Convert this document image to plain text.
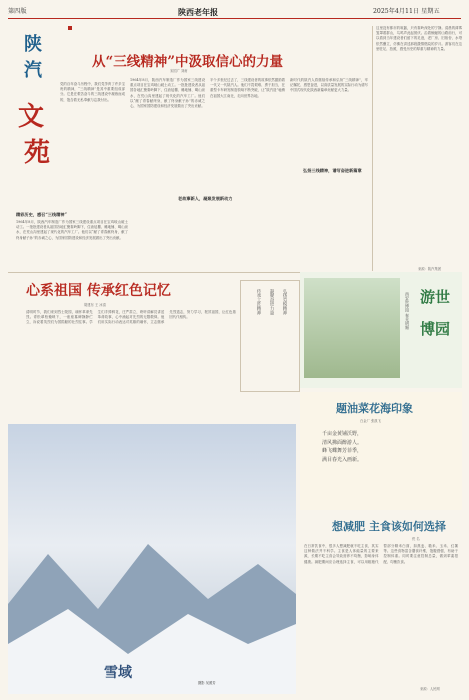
第四版	陕西老年报	2025年4月11日 星期五
陕
汽
文
苑
从“三线精神”中汲取信心的力量
宋国广 刘甫
党的百年奋斗历程中，我们党孕育了许多宝贵的精神，“三线精神”是其中重要组成部分。它是在艰苦奋斗的三线建设中凝练而成的，饱含着无私奉献与忘我付出。
1964年8月，陕西汽车制造厂作为国家三线建设重点项目在宝鸡岐山破土动工。一批批建设者从祖国各地汇聚秦岭脚下，住油毡棚、睡地铺、喝山泉水，在荒山沟里建起了现代化的汽车工厂。他们以“献了青春献终身，献了终身献子孙”的赤诚之心，为国家国防建设和经济发展做出了突出贡献。
半个多世纪过去了，三线建设者的故事依然激励着一代又一代陕汽人。他们不畏艰难、勇于担当，在重型卡车研发制造领域不断突破，让“陕汽造”驰骋在祖国大江南北，走向世界各地。
新时代的陕汽人将继续传承和弘扬“三线精神”，牢记嘱托、感恩奋进，以高质量发展的实际行动为谱写中国式现代化陕西新篇章贡献更大力量。
精彩历史，感召“三线精神”
老故事新人，凝聚发展新动力
弘扬三线精神，谱写奋进新篇章
1964年8月，陕西汽车制造厂作为国家三线建设重点项目在宝鸡岐山破土动工。一批批建设者从祖国各地汇聚秦岭脚下，住油毡棚、睡地铺、喝山泉水，在荒山沟里建起了现代化的汽车工厂。他们以“献了青春献终身，献了终身献子孙”的赤诚之心，为国家国防建设和经济发展做出了突出贡献。
这里没有都市的喧嚣，只有秦岭深处的宁静。清晨的薄雾笼罩着群山，鸟鸣声此起彼伏。沿着蜿蜒的山路前行，可以看到当年建设者们留下的足迹，老厂房、旧宿舍、水塔依然矗立，仿佛在讲述那段激情燃烧的岁月。游客们在这里驻足、拍照，感受历史的厚重与精神的力量。
来源：陕汽集团
心系祖国 传承红色记忆
胡建东 王 冰清
清明时节，我们来到烈士陵园，缅怀革命先烈。青松翠柏掩映下，一座座墓碑静静伫立，诉说着英烈们为国捐躯的壮烈往事。学生们手捧鲜花，庄严肃立，聆听讲解员讲述革命故事，心中涌起对先烈的无限敬仰。他们用实际行动表达对英雄的缅怀，立志继承先烈遗志，努力学习，报效祖国，让红色基因代代相传。
弘扬劳模精神
凝聚奋进力量
传承工匠精神	游世
博园
西安世博园 春光明媚
题油菜花海印象
白金厂 张凯飞
千亩金黄铺沃野，
清风拂面醉游人。
蜂飞蝶舞芳菲季，
满目春光入画新。
雪域
摄影 吴照芳
想减肥 主食该如何选择
佚 名
在日常饮食中，很多人想减肥就不吃主食，其实这种做法并不科学。主食是人体能量的主要来源，长期不吃主食会导致营养不均衡，影响身体健康。减肥期间应合理选择主食，可以用粗粮代替部分精米白面，如燕麦、糙米、玉米、红薯等。这些食物富含膳食纤维，饱腹感强，有助于控制体重。同时要注意控制总量，做到荤素搭配、均衡饮食。
来源：人民网
